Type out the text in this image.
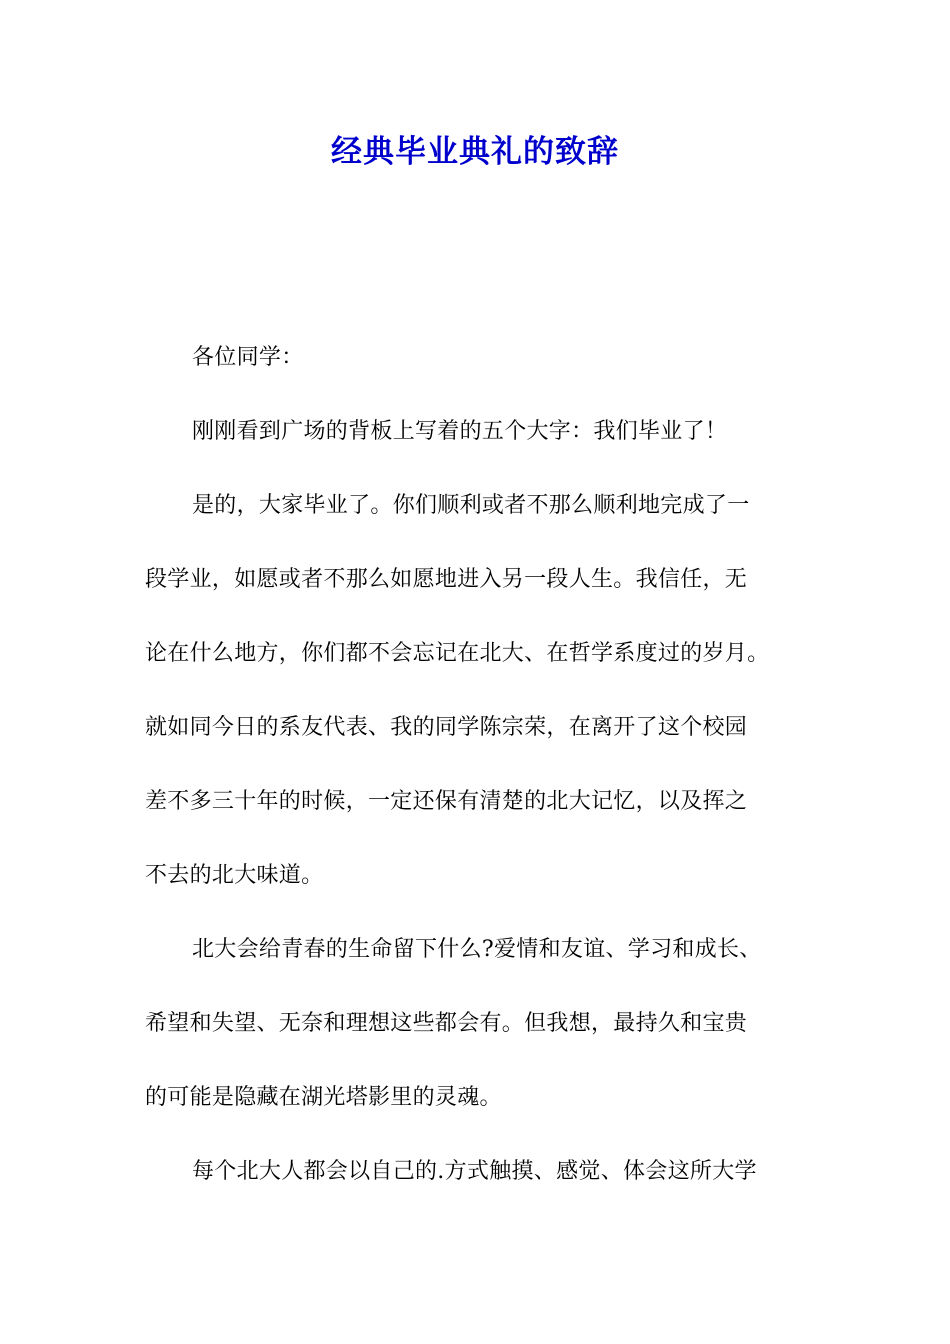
经典毕业典礼的致辞
各位同学：
刚刚看到广场的背板上写着的五个大字：我们毕业了！
是的，大家毕业了。你们顺利或者不那么顺利地完成了一
段学业，如愿或者不那么如愿地进入另一段人生。我信任，无
论在什么地方，你们都不会忘记在北大、在哲学系度过的岁月。
就如同今日的系友代表、我的同学陈宗荣，在离开了这个校园
差不多三十年的时候，一定还保有清楚的北大记忆，以及挥之
不去的北大味道。
北大会给青春的生命留下什么?爱情和友谊、学习和成长、
希望和失望、无奈和理想这些都会有。但我想，最持久和宝贵
的可能是隐藏在湖光塔影里的灵魂。
每个北大人都会以自己的.方式触摸、感觉、体会这所大学
